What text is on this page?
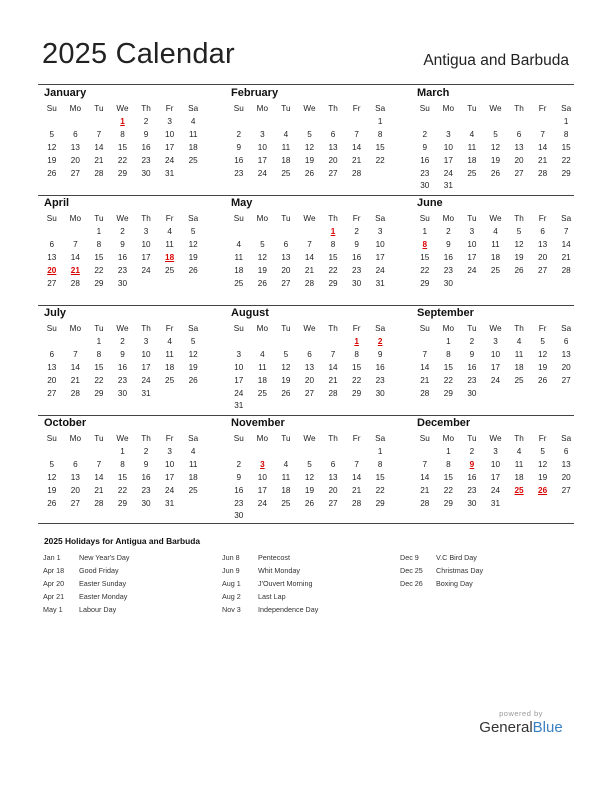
2025 Calendar	Antigua and Barbuda
January
Su	Mo	Tu	We	Th	Fr	Sa
			1	2	3	4
5	6	7	8	9	10	11
12	13	14	15	16	17	18
19	20	21	22	23	24	25
26	27	28	29	30	31	
February
Su	Mo	Tu	We	Th	Fr	Sa
						1
2	3	4	5	6	7	8
9	10	11	12	13	14	15
16	17	18	19	20	21	22
23	24	25	26	27	28	
March
Su	Mo	Tu	We	Th	Fr	Sa
						1
2	3	4	5	6	7	8
9	10	11	12	13	14	15
16	17	18	19	20	21	22
23	24	25	26	27	28	29
30	31					
April
Su	Mo	Tu	We	Th	Fr	Sa
		1	2	3	4	5
6	7	8	9	10	11	12
13	14	15	16	17	18	19
20	21	22	23	24	25	26
27	28	29	30			
May
Su	Mo	Tu	We	Th	Fr	Sa
				1	2	3
4	5	6	7	8	9	10
11	12	13	14	15	16	17
18	19	20	21	22	23	24
25	26	27	28	29	30	31
June
Su	Mo	Tu	We	Th	Fr	Sa
1	2	3	4	5	6	7
8	9	10	11	12	13	14
15	16	17	18	19	20	21
22	23	24	25	26	27	28
29	30					
July
Su	Mo	Tu	We	Th	Fr	Sa
		1	2	3	4	5
6	7	8	9	10	11	12
13	14	15	16	17	18	19
20	21	22	23	24	25	26
27	28	29	30	31		
August
Su	Mo	Tu	We	Th	Fr	Sa
					1	2
3	4	5	6	7	8	9
10	11	12	13	14	15	16
17	18	19	20	21	22	23
24	25	26	27	28	29	30
31						
September
Su	Mo	Tu	We	Th	Fr	Sa
	1	2	3	4	5	6
7	8	9	10	11	12	13
14	15	16	17	18	19	20
21	22	23	24	25	26	27
28	29	30				
October
Su	Mo	Tu	We	Th	Fr	Sa
			1	2	3	4
5	6	7	8	9	10	11
12	13	14	15	16	17	18
19	20	21	22	23	24	25
26	27	28	29	30	31	
November
Su	Mo	Tu	We	Th	Fr	Sa
						1
2	3	4	5	6	7	8
9	10	11	12	13	14	15
16	17	18	19	20	21	22
23	24	25	26	27	28	29
30						
December
Su	Mo	Tu	We	Th	Fr	Sa
	1	2	3	4	5	6
7	8	9	10	11	12	13
14	15	16	17	18	19	20
21	22	23	24	25	26	27
28	29	30	31			
2025 Holidays for Antigua and Barbuda
Jan 1	New Year's Day
Apr 18 Good Friday
Apr 20 Easter Sunday
Apr 21 Easter Monday
May 1 Labour Day
Jun 8	Pentecost
Jun 9	Whit Monday
Aug 1 J'Ouvert Morning
Aug 2 Last Lap
Nov 3 Independence Day
Dec 9 V.C Bird Day
Dec 25 Christmas Day
Dec 26 Boxing Day
powered by
GeneralBlue
